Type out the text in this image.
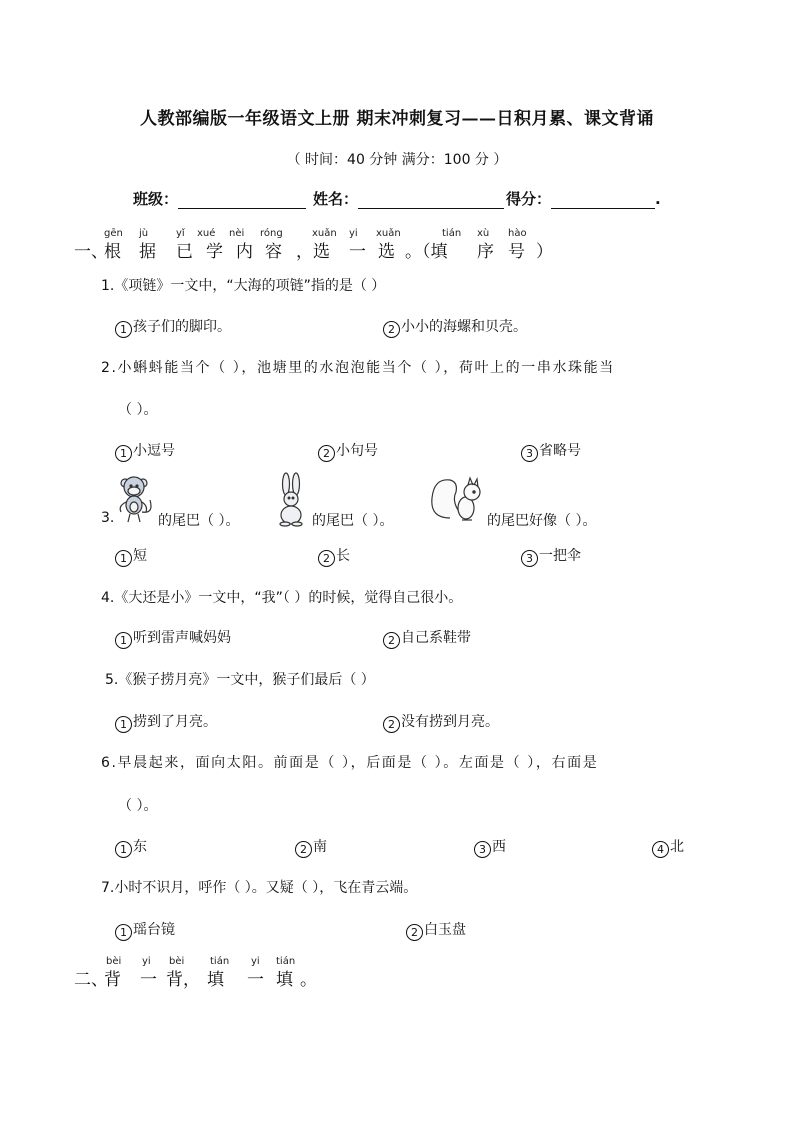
人教部编版一年级语文上册 期末冲刺复习——日积月累、课文背诵
（ 时间：40 分钟 满分：100 分 ）
班级：	姓名：	得分：	.
一、
gēn jù	yǐ xué nèi róng	xuǎn yi xuǎn	tián xù hào
根 据 已 学 内 容 ，选 一 选 。（填 序 号 ）
1.《项链》一文中，“大海的项链”指的是（ ）
1 孩子们的脚印。	2 小小的海螺和贝壳。
2.小蝌蚪能当个（ ），池塘里的水泡泡能当个（ ），荷叶上的一串水珠能当
（ ）。
1 小逗号	2 小句号	3 省略号
3.	的尾巴（ ）。	的尾巴（ ）。	的尾巴好像（ ）。
1 短	2 长	3 一把伞
4.《大还是小》一文中，“我”（ ）的时候，觉得自己很小。
1 听到雷声喊妈妈	2 自己系鞋带
5.《猴子捞月亮》一文中，猴子们最后（ ）
1 捞到了月亮。	2 没有捞到月亮。
6.早晨起来，面向太阳。前面是（ ），后面是（ ）。左面是（ ），右面是
（ ）。
1 东	2 南	3 西	4 北
7.小时不识月，呼作（ ）。又疑（ ），飞在青云端。
1 瑶台镜	2 白玉盘
二、
bèi yi bèi	tián yi tián
背 一 背， 填 一 填 。
